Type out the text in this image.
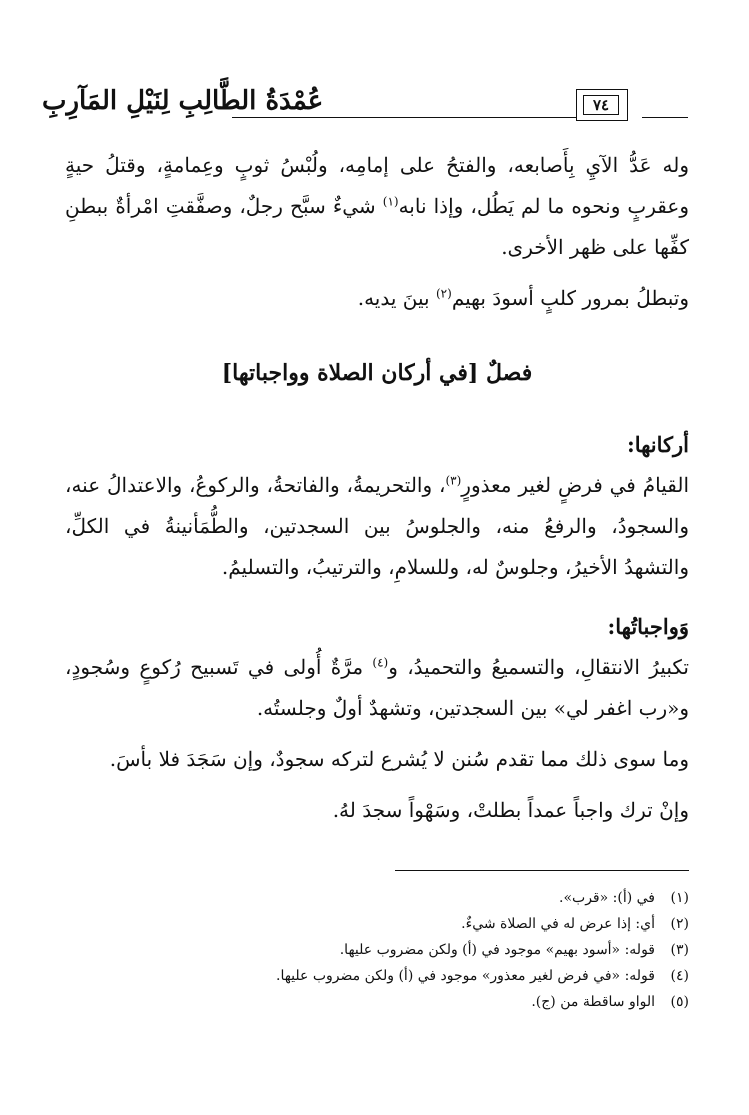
عُمْدَةُ الطَّالِبِ لِنَيْلِ المَآرِبِ	٧٤

وله عَدُّ الآيِ بِأَصابعه، والفتحُ على إمامِه، ولُبْسُ ثوبٍ وعِمامةٍ، وقتلُ حيةٍ وعقربٍ ونحوه ما لم يَطُل، وإذا نابه$^{(١)}$ شيءٌ سبَّح رجلٌ، وصفَّقتِ امْرأةٌ ببطنِ كفِّها على ظهر الأخرى.

وتبطلُ بمرور كلبٍ أسودَ بهيم$^{(٢)}$ بينَ يديه.

فصلٌ [في أركان الصلاة وواجباتها]

أركانها:

القيامُ في فرضٍ لغير معذورٍ$^{(٣)}$، والتحريمةُ، والفاتحةُ، والركوعُ، والاعتدالُ عنه، والسجودُ، والرفعُ منه، والجلوسُ بين السجدتين، والطُّمَأنينةُ في الكلِّ، والتشهدُ الأخيرُ، وجلوسٌ له، وللسلامِ، والترتيبُ، والتسليمُ.

وَواجباتُها:

تكبيرُ الانتقالِ، والتسميعُ والتحميدُ، و$^{(٤)}$ مرَّةٌ أُولى في تَسبيح رُكوعٍ وسُجودٍ، و«رب اغفر لي» بين السجدتين، وتشهدٌ أولٌ وجلستُه.

وما سوى ذلك مما تقدم سُنن لا يُشرع لتركه سجودٌ، وإن سَجَدَ فلا بأسَ.

وإنْ ترك واجباً عمداً بطلتْ، وسَهْواً سجدَ لهُ.

(١)في (أ): «قرب».
(٢)أي: إذا عرض له في الصلاة شيءٌ.
(٣)قوله: «أسود بهيم» موجود في (أ) ولكن مضروب عليها.
(٤)قوله: «في فرض لغير معذور» موجود في (أ) ولكن مضروب عليها.
(٥)الواو ساقطة من (ج).
